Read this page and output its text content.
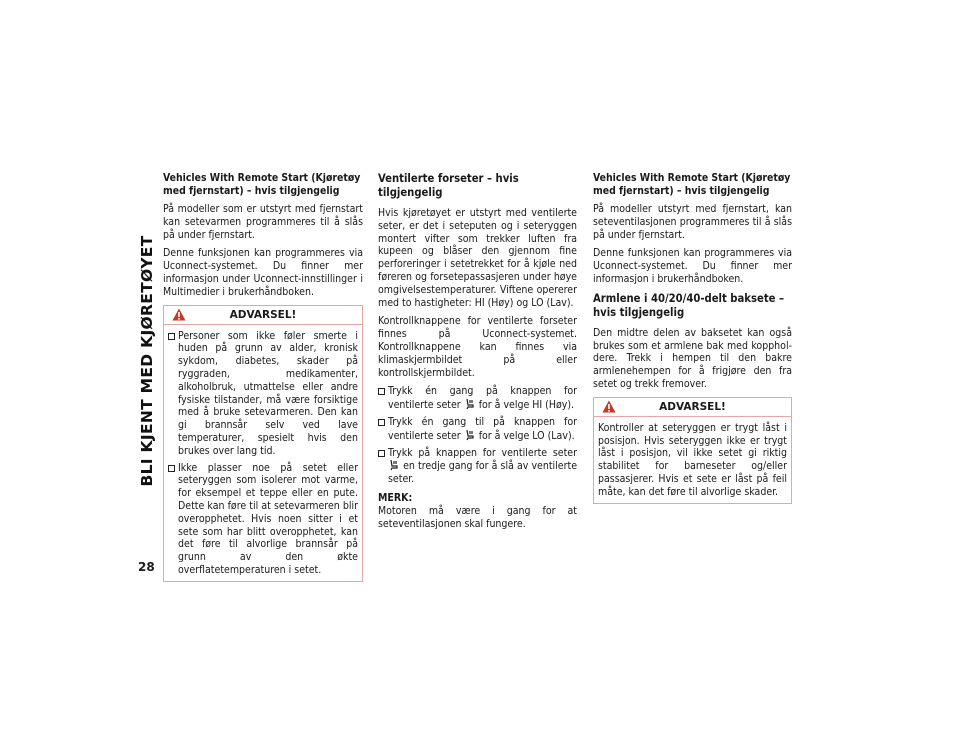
BLI KJENT MED KJØRETØYET
28
Vehicles With Remote Start (Kjøretøy med fjernstart) – hvis tilgjengelig

På modeller som er utstyrt med fjernstart kan setevarmen programmeres til å slås på under fjernstart.

Denne funksjonen kan programmeres via Uconnect-systemet. Du finner mer informasjon under Uconnect-innstillinger i Multimedier i brukerhåndboken.

ADVARSEL!
Personer som ikke føler smerte i huden på grunn av alder, kronisk sykdom, diabetes, skader på ryggraden, medikamenter, alkoholbruk, utmattelse eller andre fysiske tilstander, må være forsiktige med å bruke setevarmeren. Den kan gi brannsår selv ved lave temperaturer, spesielt hvis den brukes over lang tid.
Ikke plasser noe på setet eller seteryggen som isolerer mot varme, for eksempel et teppe eller en pute. Dette kan føre til at setevarmeren blir overopphetet. Hvis noen sitter i et sete som har blitt overopphetet, kan det føre til alvorlige brannsår på grunn av den økte overflatetemperaturen i setet.
Ventilerte forseter – hvis tilgjengelig

Hvis kjøretøyet er utstyrt med ventilerte seter, er det i seteputen og i seteryggen montert vifter som trekker luften fra kupeen og blåser den gjennom fine perforeringer i setetrekket for å kjøle ned føreren og forsetepassasjeren under høye omgivelsestemperaturer. Viftene opererer med to hastigheter: HI (Høy) og LO (Lav).

Kontrollknappene for ventilerte forseter finnes på Uconnect-systemet. Kontrollknappene kan finnes via klimaskjermbildet på eller kontrollskjermbildet.

Trykk én gang på knappen for ventilerte seter for å velge HI (Høy).
Trykk én gang til på knappen for ventilerte seter for å velge LO (Lav).
Trykk på knappen for ventilerte seter  en tredje gang for å slå av ventilerte seter.

MERK:

Motoren må være i gang for at seteventilasjonen skal fungere.

Vehicles With Remote Start (Kjøretøy med fjernstart) – hvis tilgjengelig

På modeller utstyrt med fjernstart, kan seteventilasjonen programmeres til å slås på under fjernstart.

Denne funksjonen kan programmeres via Uconnect-systemet. Du finner mer informasjon i brukerhåndboken.

Armlene i 40/20/40-delt baksete – hvis tilgjengelig

Den midtre delen av baksetet kan også brukes som et armlene bak med kopphol-dere. Trekk i hempen til den bakre armlenehempen for å frigjøre den fra setet og trekk fremover.

ADVARSEL!

Kontroller at seteryggen er trygt låst i posisjon. Hvis seteryggen ikke er trygt låst i posisjon, vil ikke setet gi riktig stabilitet for barneseter og/eller passasjerer. Hvis et sete er låst på feil måte, kan det føre til alvorlige skader.
